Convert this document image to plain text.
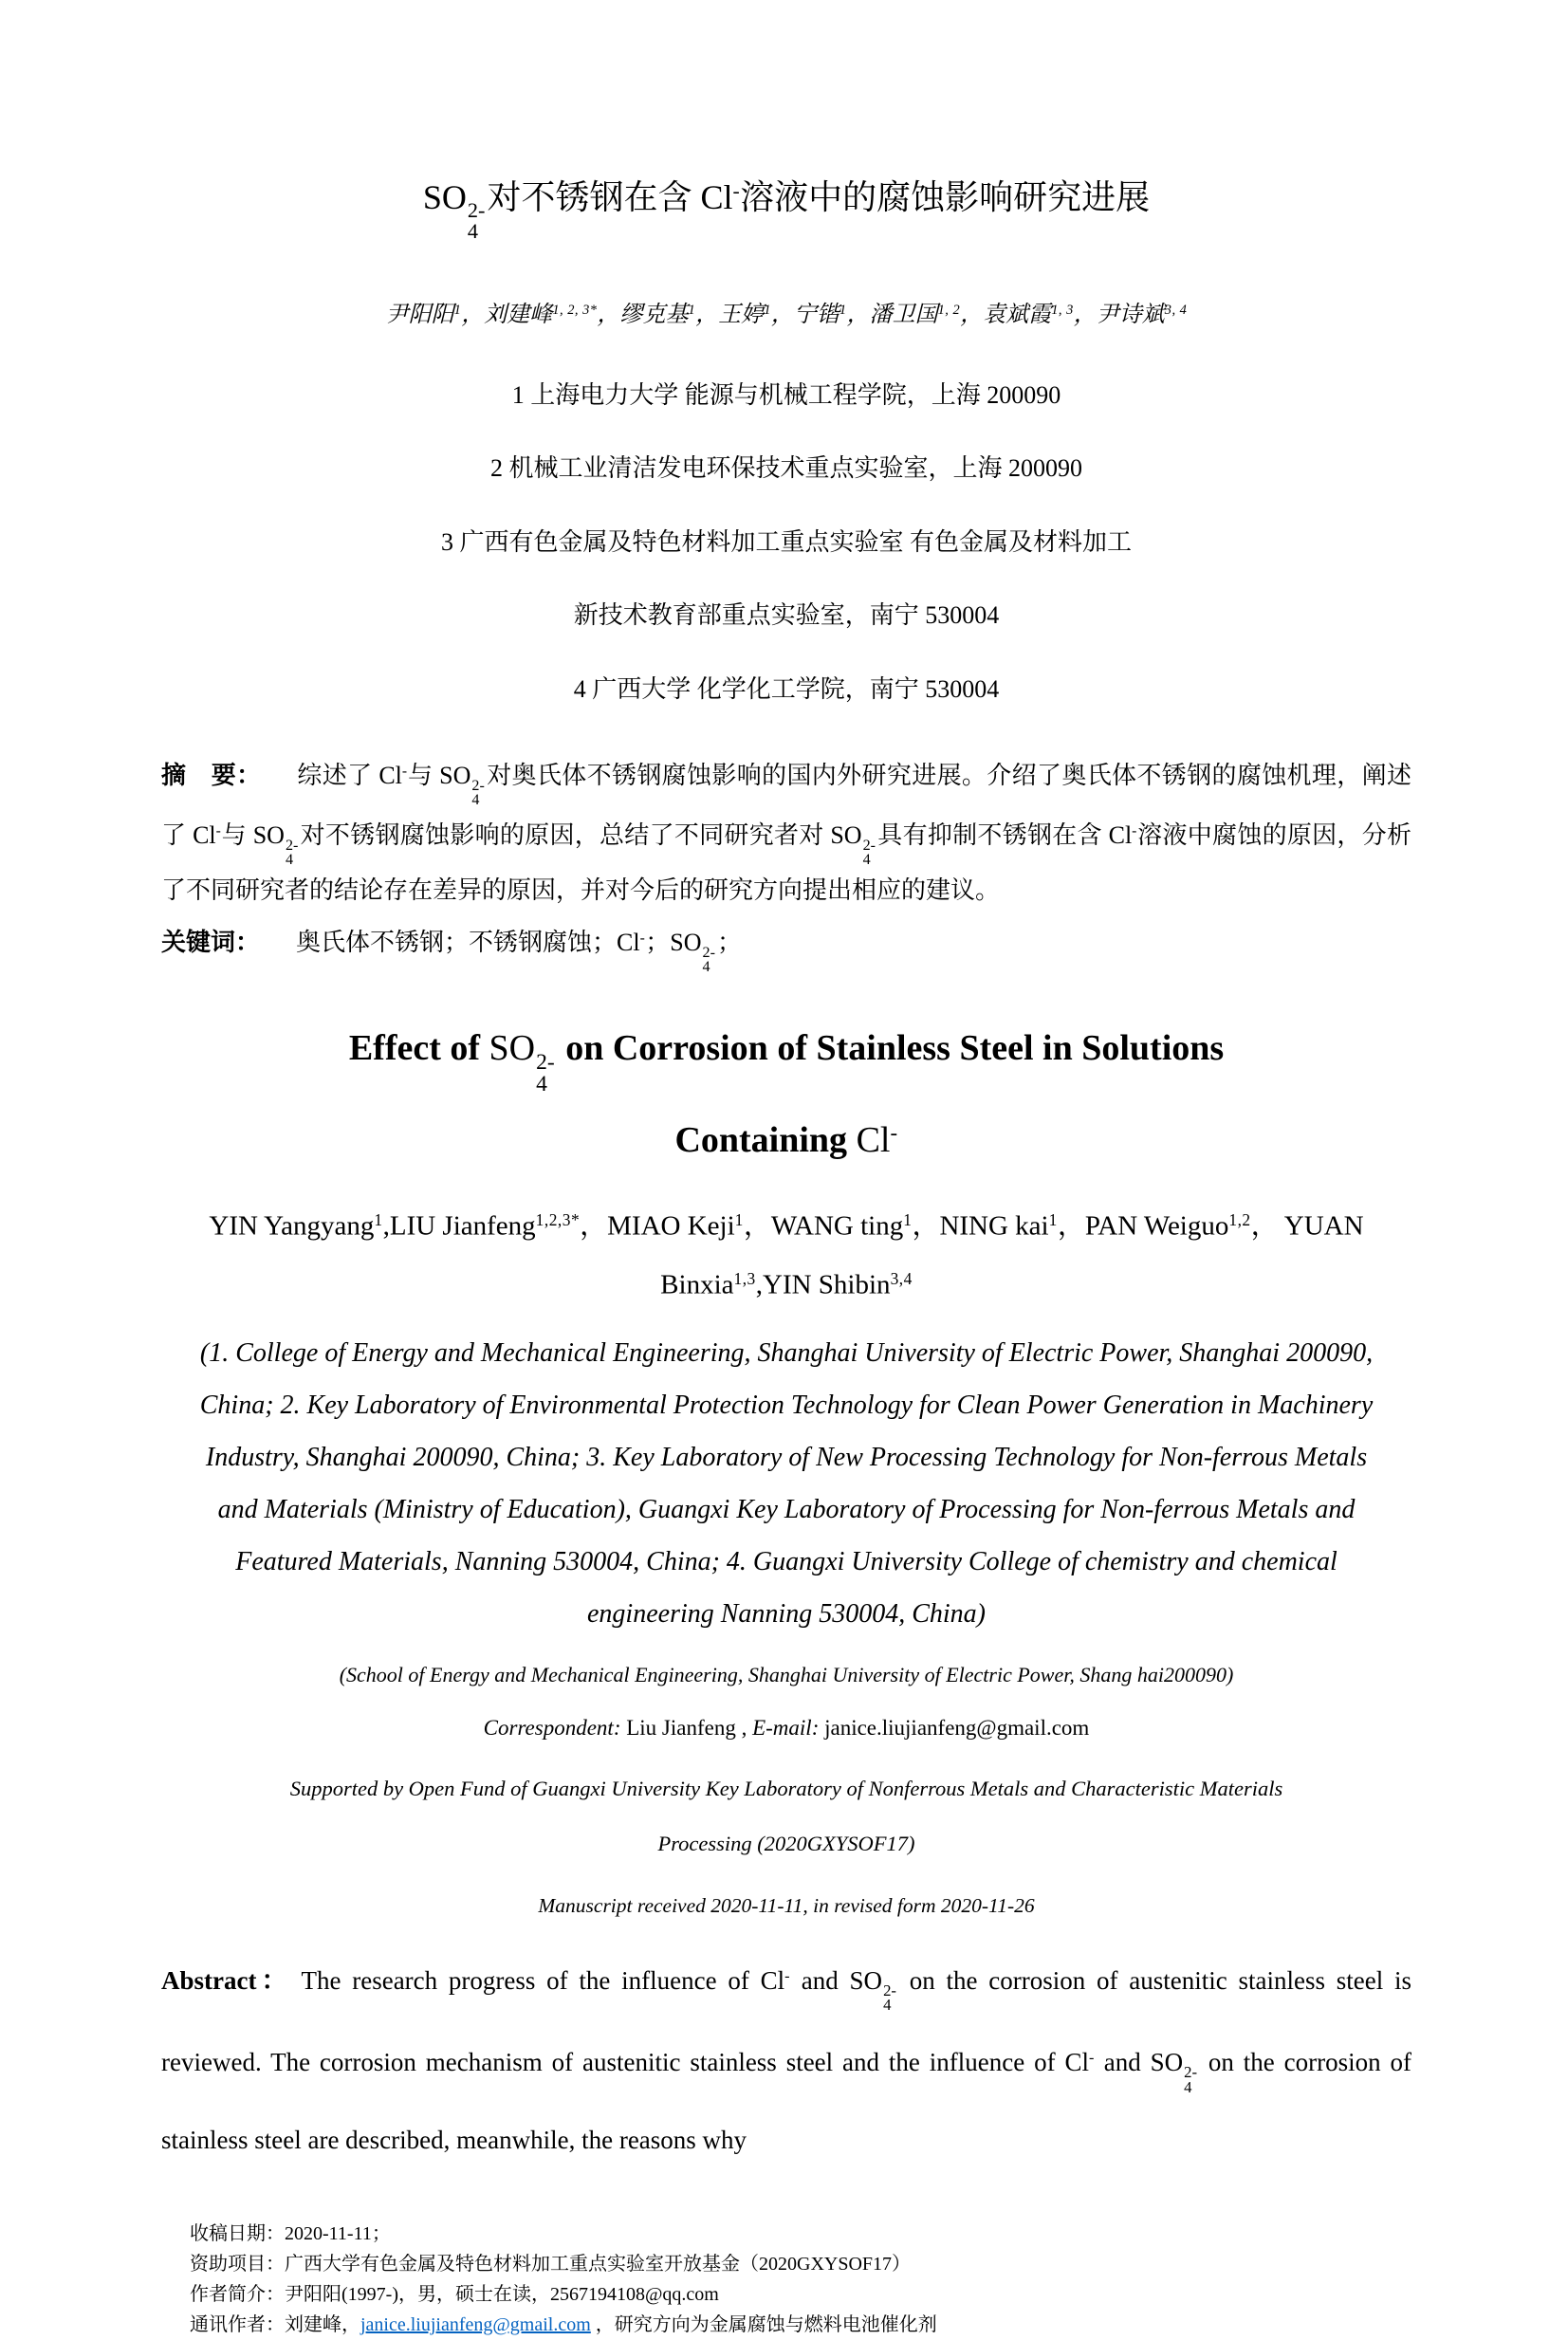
SO 2-
4
对不锈钢在含 Cl-溶液中的腐蚀影响研究进展

尹阳阳$^1$，刘建峰$^{1, 2, 3*}$，缪克基$^1$，王婷$^1$，宁锴$^1$，潘卫国$^{1, 2}$，袁斌霞$^{1, 3}$，尹诗斌$^{3, 4}$

1 上海电力大学 能源与机械工程学院，上海 200090

2 机械工业清洁发电环保技术重点实验室，上海 200090

3 广西有色金属及特色材料加工重点实验室 有色金属及材料加工

新技术教育部重点实验室，南宁 530004

4 广西大学 化学化工学院，南宁 530004

摘　要： 综述了 Cl-与 SO 2-
4
对奥氏体不锈钢腐蚀影响的国内外研究进展。介绍了奥氏体不锈钢的腐蚀机理，阐述了 Cl-与 SO 2-
4
对不锈钢腐蚀影响的原因，总结了不同研究者对 SO 2-
4
具有抑制不锈钢在含 Cl-溶液中腐蚀的原因，分析了不同研究者的结论存在差异的原因，并对今后的研究方向提出相应的建议。

关键词： 奥氏体不锈钢；不锈钢腐蚀；Cl-；SO 2-
4
；

Effect of SO 2-
4
on Corrosion of Stainless Steel in Solutions
Containing Cl-

YIN Yangyang$^1$,LIU Jianfeng$^{1,2,3*}$，MIAO Keji$^1$，WANG ting$^1$，NING kai$^1$，PAN Weiguo$^{1,2}$， YUAN Binxia$^{1,3}$,YIN Shibin$^{3,4}$

(1. College of Energy and Mechanical Engineering, Shanghai University of Electric Power, Shanghai 200090, China; 2. Key Laboratory of Environmental Protection Technology for Clean Power Generation in Machinery Industry, Shanghai 200090, China; 3. Key Laboratory of New Processing Technology for Non-ferrous Metals and Materials (Ministry of Education), Guangxi Key Laboratory of Processing for Non-ferrous Metals and Featured Materials, Nanning 530004, China; 4. Guangxi University College of chemistry and chemical engineering Nanning 530004, China)

(School of Energy and Mechanical Engineering, Shanghai University of Electric Power, Shang hai200090)

Correspondent: Liu Jianfeng , E-mail: janice.liujianfeng@gmail.com

Supported by Open Fund of Guangxi University Key Laboratory of Nonferrous Metals and Characteristic Materials Processing (2020GXYSOF17)

Manuscript received 2020-11-11, in revised form 2020-11-26

Abstract： The research progress of the influence of Cl- and SO 2-
4
on the corrosion of austenitic stainless steel is reviewed. The corrosion mechanism of austenitic stainless steel and the influence of Cl- and SO 2-
4
on the corrosion of stainless steel are described, meanwhile, the reasons why

收稿日期：2020-11-11；

资助项目：广西大学有色金属及特色材料加工重点实验室开放基金（2020GXYSOF17）

作者简介：尹阳阳(1997-)，男，硕士在读，2567194108@qq.com

通讯作者：刘建峰，janice.liujianfeng@gmail.com ，研究方向为金属腐蚀与燃料电池催化剂
